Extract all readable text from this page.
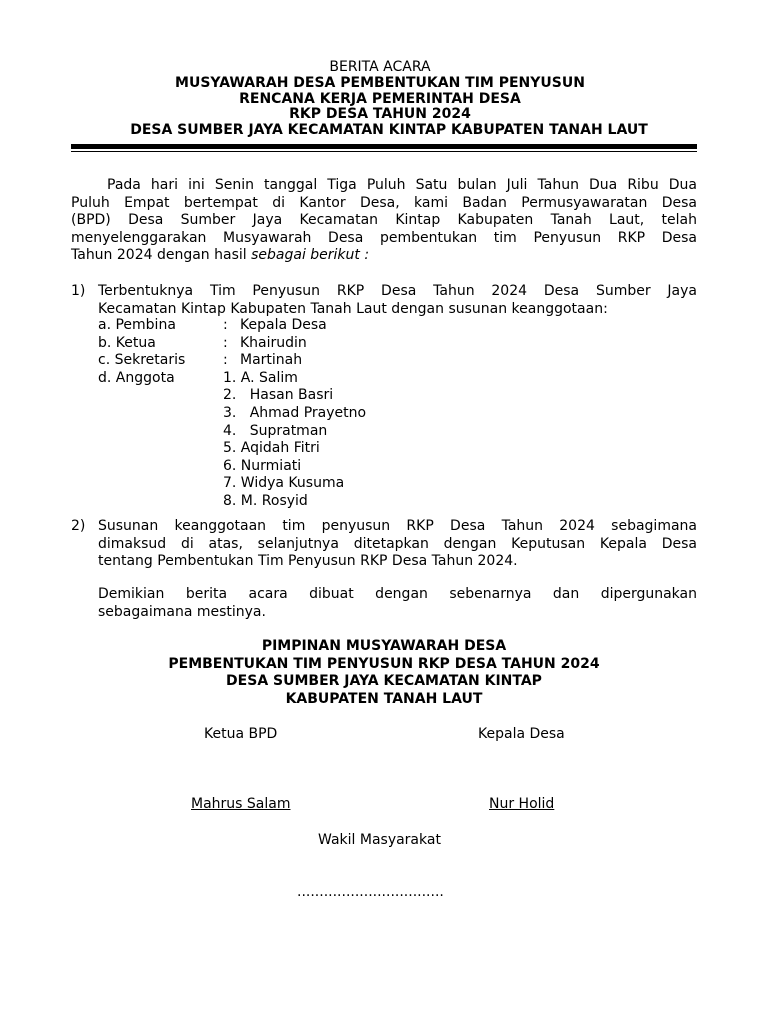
BERITA ACARA
MUSYAWARAH DESA PEMBENTUKAN TIM PENYUSUN
RENCANA KERJA PEMERINTAH DESA
RKP DESA TAHUN 2024
DESA SUMBER JAYA KECAMATAN KINTAP KABUPATEN TANAH LAUT
Pada hari ini Senin tanggal Tiga Puluh Satu bulan Juli Tahun Dua Ribu Dua
Puluh Empat bertempat di Kantor Desa, kami Badan Permusyawaratan Desa
(BPD) Desa Sumber Jaya Kecamatan Kintap Kabupaten Tanah Laut, telah
menyelenggarakan Musyawarah Desa pembentukan tim Penyusun RKP Desa
Tahun 2024 dengan hasil sebagai berikut :
1) Terbentuknya Tim Penyusun RKP Desa Tahun 2024 Desa Sumber Jaya
Kecamatan Kintap Kabupaten Tanah Laut dengan susunan keanggotaan:
a. Pembina	: Kepala Desa
b. Ketua	: Khairudin
c. Sekretaris	: Martinah
d. Anggota	1. A. Salim
2.   Hasan Basri
3.   Ahmad Prayetno
4.   Supratman
5. Aqidah Fitri
6. Nurmiati
7. Widya Kusuma
8. M. Rosyid
2) Susunan keanggotaan tim penyusun RKP Desa Tahun 2024 sebagimana
dimaksud di atas, selanjutnya ditetapkan dengan Keputusan Kepala Desa
tentang Pembentukan Tim Penyusun RKP Desa Tahun 2024.
Demikian berita acara dibuat dengan sebenarnya dan dipergunakan
sebagaimana mestinya.
PIMPINAN MUSYAWARAH DESA
PEMBENTUKAN TIM PENYUSUN RKP DESA TAHUN 2024
DESA SUMBER JAYA KECAMATAN KINTAP
KABUPATEN TANAH LAUT
Ketua BPD	Kepala Desa
Mahrus Salam	Nur Holid
Wakil Masyarakat
.................................
